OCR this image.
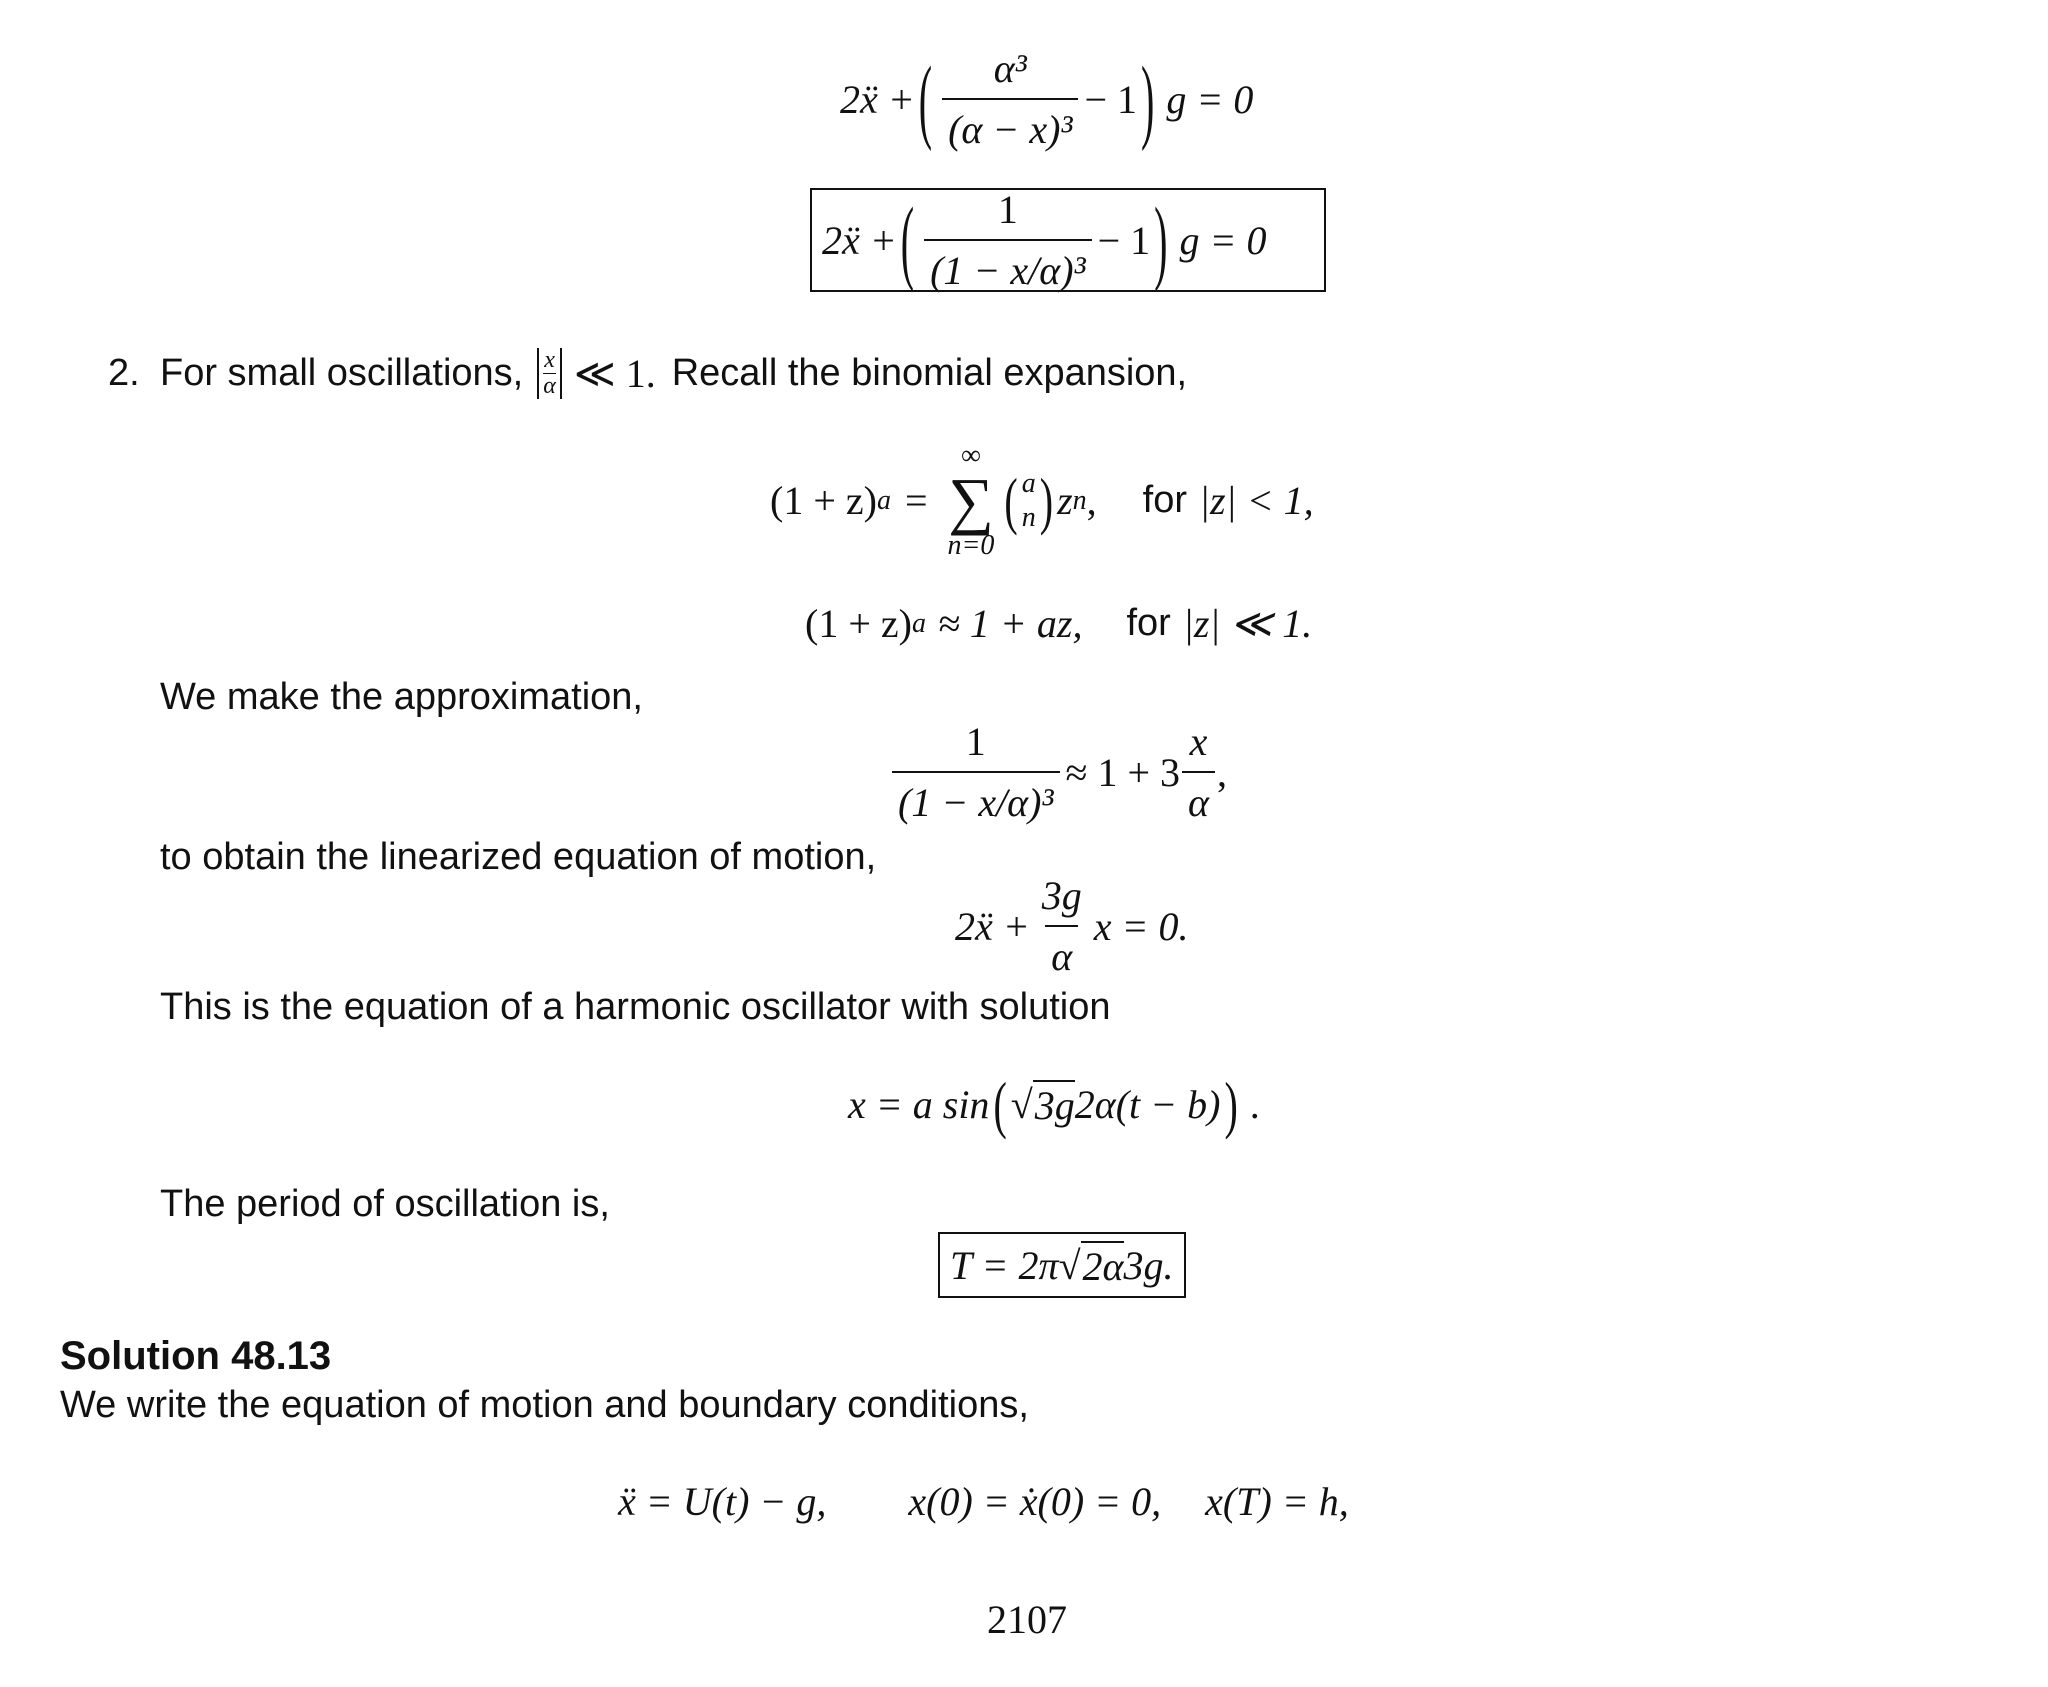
2ẍ + ( $\frac{\text{α³}}{\text{(α − x)³}} - 1$ ) g = 0
2ẍ + ( $\frac{1}{\text{(1 − x/α)³}} - 1$ ) g = 0
2. For small oscillations, $\frac{x}{\alpha}$ ≪ 1. Recall the binomial expansion,
(1 + z) a =
∞
∑
n=0
( a
n ) z n , for |z| < 1,
(1 + z) a ≈ 1 + az, for |z| ≪ 1.
We make the approximation,
$\frac{1}{\text{(1 − x/α)³}} \approx 1 + 3 \frac{x}{\alpha}$ ,
to obtain the linearized equation of motion,
2ẍ + $\frac{3g}{\alpha}$ x = 0.
This is the equation of a harmonic oscillator with solution
x = a sin ( √ 3g 2α(t − b) ) .
The period of oscillation is,
T = 2π √ 2α 3g.
Solution 48.13
We write the equation of motion and boundary conditions,
ẍ = U(t) − g, x(0) = ẋ(0) = 0, x(T) = h,
2107
